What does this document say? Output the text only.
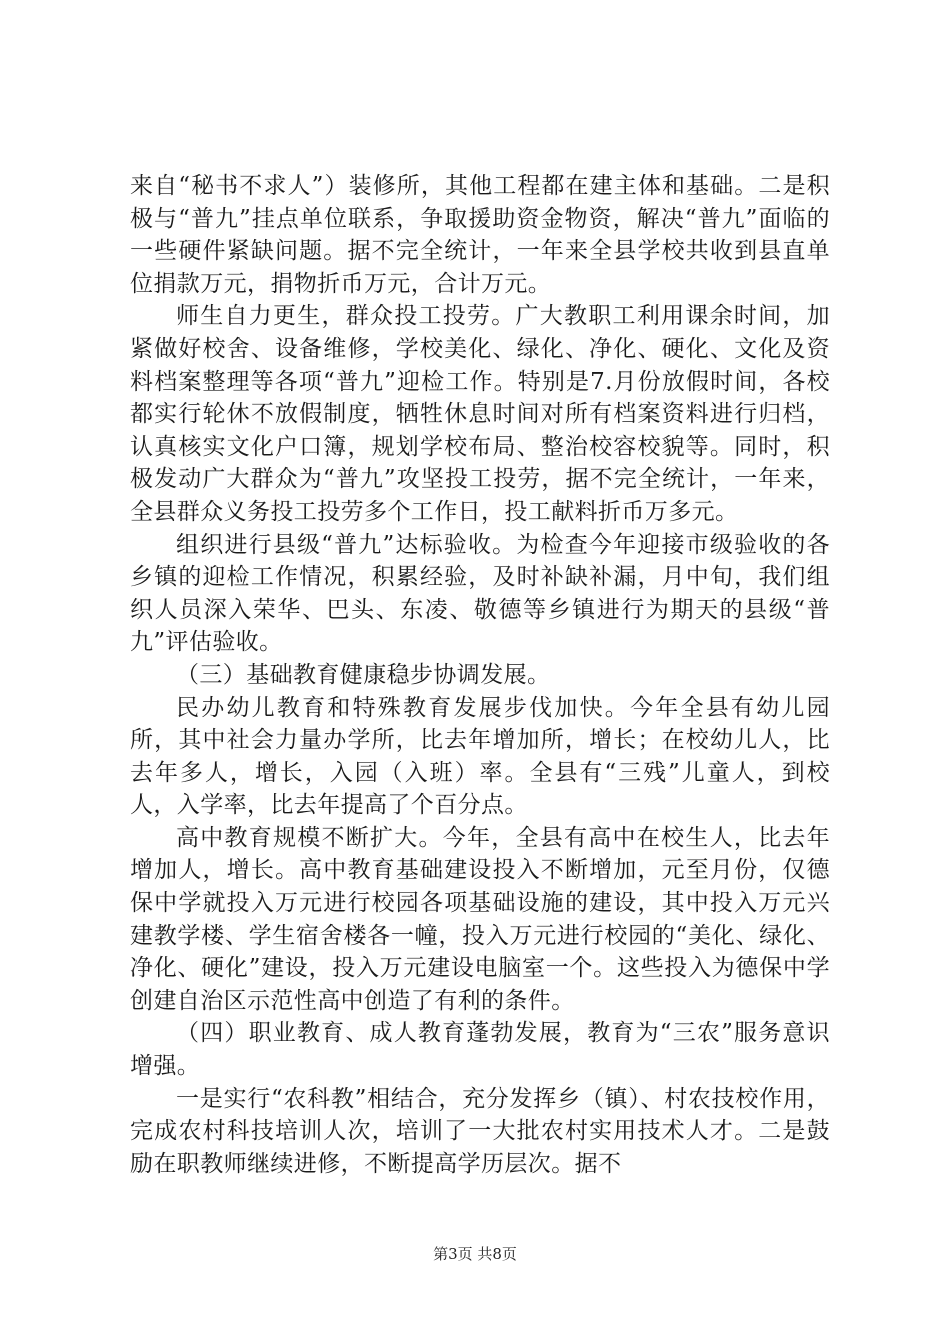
来自“秘书不求人”）装修所，其他工程都在建主体和基础。二是积极与“普九”挂点单位联系，争取援助资金物资，解决“普九”面临的一些硬件紧缺问题。据不完全统计，一年来全县学校共收到县直单位捐款万元，捐物折币万元，合计万元。

师生自力更生，群众投工投劳。广大教职工利用课余时间，加紧做好校舍、设备维修，学校美化、绿化、净化、硬化、文化及资料档案整理等各项“普九”迎检工作。特别是7.月份放假时间，各校都实行轮休不放假制度，牺牲休息时间对所有档案资料进行归档，认真核实文化户口簿，规划学校布局、整治校容校貌等。同时，积极发动广大群众为“普九”攻坚投工投劳，据不完全统计，一年来，全县群众义务投工投劳多个工作日，投工献料折币万多元。

组织进行县级“普九”达标验收。为检查今年迎接市级验收的各乡镇的迎检工作情况，积累经验，及时补缺补漏，月中旬，我们组织人员深入荣华、巴头、东凌、敬德等乡镇进行为期天的县级“普九”评估验收。

（三）基础教育健康稳步协调发展。

民办幼儿教育和特殊教育发展步伐加快。今年全县有幼儿园所，其中社会力量办学所，比去年增加所，增长；在校幼儿人，比去年多人，增长，入园（入班）率。全县有“三残”儿童人，到校人，入学率，比去年提高了个百分点。

高中教育规模不断扩大。今年，全县有高中在校生人，比去年增加人，增长。高中教育基础建设投入不断增加，元至月份，仅德保中学就投入万元进行校园各项基础设施的建设，其中投入万元兴建教学楼、学生宿舍楼各一幢，投入万元进行校园的“美化、绿化、净化、硬化”建设，投入万元建设电脑室一个。这些投入为德保中学创建自治区示范性高中创造了有利的条件。

（四）职业教育、成人教育蓬勃发展，教育为“三农”服务意识增强。

一是实行“农科教”相结合，充分发挥乡（镇）、村农技校作用，完成农村科技培训人次，培训了一大批农村实用技术人才。二是鼓励在职教师继续进修，不断提高学历层次。据不

第3页 共8页
